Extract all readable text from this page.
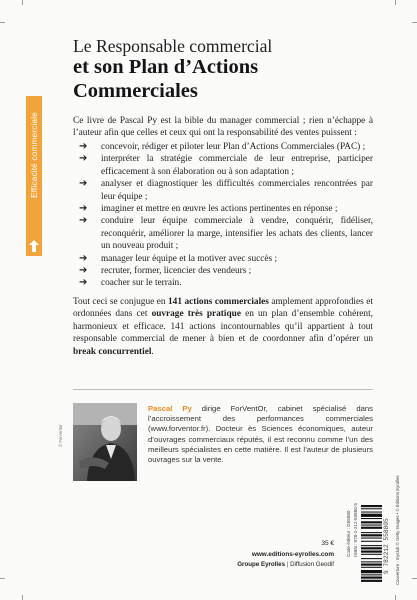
Efficacité commerciale
Le Responsable commercial
et son Plan d’Actions Commerciales
Ce livre de Pascal Py est la bible du manager commercial ; rien n’échappe à l’auteur afin que celles et ceux qui ont la responsabilité des ventes puissent :
➔ concevoir, rédiger et piloter leur Plan d’Actions Commerciales (PAC) ;
➔ interpréter la stratégie commerciale de leur entreprise, participer efficacement à son élaboration ou à son adaptation ;
➔ analyser et diagnostiquer les difficultés commerciales rencontrées par leur équipe ;
➔ imaginer et mettre en œuvre les actions pertinentes en réponse ;
➔ conduire leur équipe commerciale à vendre, conquérir, fidéliser, reconquérir, améliorer la marge, intensifier les achats des clients, lancer un nouveau produit ;
➔ manager leur équipe et la motiver avec succès ;
➔ recruter, former, licencier des vendeurs ;
➔ coacher sur le terrain.
Tout ceci se conjugue en 141 actions commerciales amplement approfondies et ordonnées dans cet ouvrage très pratique en un plan d’ensemble cohérent, harmonieux et efficace. 141 actions incontournables qu’il appartient à tout responsable commercial de mener à bien et de coordonner afin d’opérer un break concurrentiel.
© Forventor
Pascal Py dirige ForVentOr, cabinet spécialisé dans l’accroissement des performances commerciales (www.forventor.fr). Docteur ès Sciences économiques, auteur d’ouvrages commerciaux réputés, il est reconnu comme l’un des meilleurs spécialistes en cette matière. Il est l’auteur de plusieurs ouvrages sur la vente.
35 €
www.editions-eyrolles.com
Groupe Eyrolles | Diffusion Geodif
Code éditeur : G55880 ISBN : 978-2-212-55880-5	9 782212 558805 Couverture : myclub © Getty Images • © Éditions Eyrolles
